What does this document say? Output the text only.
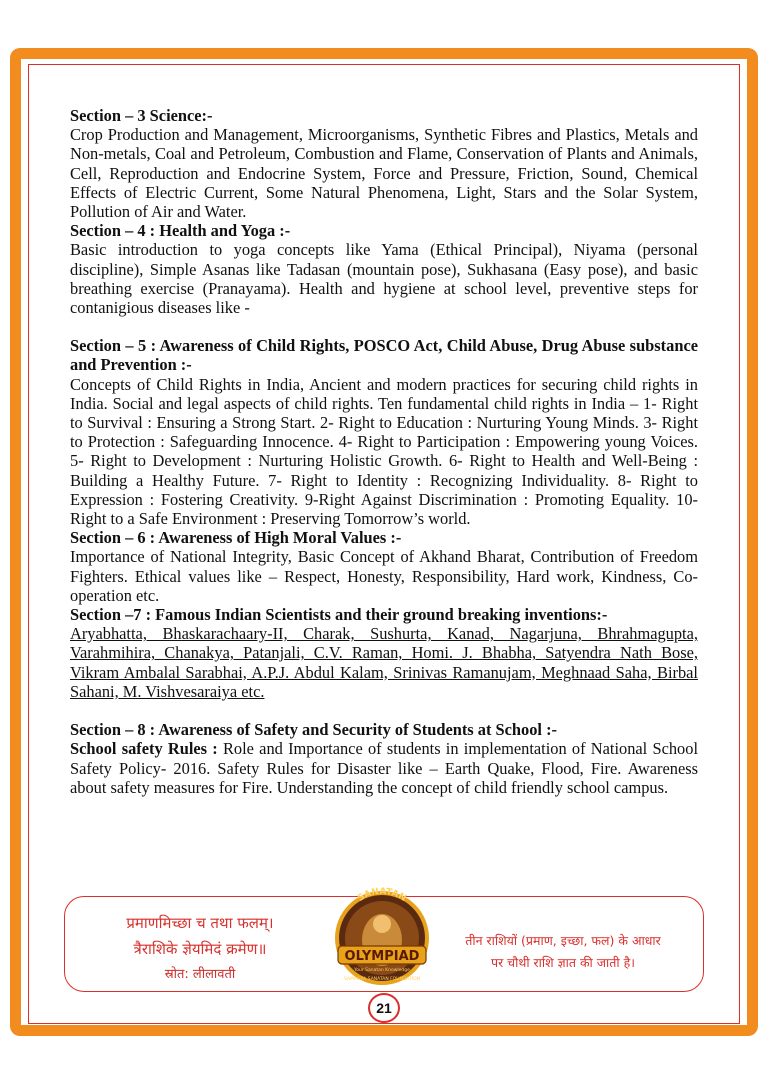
Section – 3 Science:-

Crop Production and Management, Microorganisms, Synthetic Fibres and Plastics, Metals and Non-metals, Coal and Petroleum, Combustion and Flame, Conservation of Plants and Animals, Cell, Reproduction and Endocrine System, Force and Pressure, Friction, Sound, Chemical Effects of Electric Current, Some Natural Phenomena, Light, Stars and the Solar System, Pollution of Air and Water.

Section – 4 : Health and Yoga :-

Basic introduction to yoga concepts like Yama (Ethical Principal), Niyama (personal discipline), Simple Asanas like Tadasan (mountain pose), Sukhasana (Easy pose), and basic breathing exercise (Pranayama). Health and hygiene at school level, preventive steps for contanigious diseases like -

Section – 5 : Awareness of Child Rights, POSCO Act, Child Abuse, Drug Abuse substance and Prevention :-

Concepts of Child Rights in India, Ancient and modern practices for securing child rights in India. Social and legal aspects of child rights. Ten fundamental child rights in India – 1- Right to Survival : Ensuring a Strong Start. 2- Right to Education : Nurturing Young Minds. 3- Right to Protection : Safeguarding Innocence. 4- Right to Participation : Empowering young Voices. 5- Right to Development : Nurturing Holistic Growth. 6- Right to Health and Well-Being : Building a Healthy Future. 7- Right to Identity : Recognizing Individuality. 8- Right to Expression : Fostering Creativity. 9-Right Against Discrimination : Promoting Equality. 10- Right to a Safe Environment : Preserving Tomorrow’s world.

Section – 6 : Awareness of High Moral Values :-

Importance of National Integrity, Basic Concept of Akhand Bharat, Contribution of Freedom Fighters. Ethical values like – Respect, Honesty, Responsibility, Hard work, Kindness, Co-operation etc.

Section –7 : Famous Indian Scientists and their ground breaking inventions:-

Aryabhatta, Bhaskarachaary-II, Charak, Sushurta, Kanad, Nagarjuna, Bhrahmagupta, Varahmihira, Chanakya, Patanjali, C.V. Raman, Homi. J. Bhabha, Satyendra Nath Bose, Vikram Ambalal Sarabhai, A.P.J. Abdul Kalam, Srinivas Ramanujam, Meghnaad Saha, Birbal Sahani, M. Vishvesaraiya etc.

Section – 8 : Awareness of Safety and Security of Students at School :-

School safety Rules : Role and Importance of students in implementation of National School Safety Policy- 2016. Safety Rules for Disaster like – Earth Quake, Flood, Fire. Awareness about safety measures for Fire. Understanding the concept of child friendly school campus.

प्रमाणमिच्छा च तथा फलम्।
त्रैराशिके ज्ञेयमिदं क्रमेण॥
स्रोत: लीलावती
SANATAN
OLYMPIAD
Your Sanatan Knowledge
SAMAGRA SANATAN FOUNDATION
तीन राशियों (प्रमाण, इच्छा, फल) के आधार
पर चौथी राशि ज्ञात की जाती है।
21
